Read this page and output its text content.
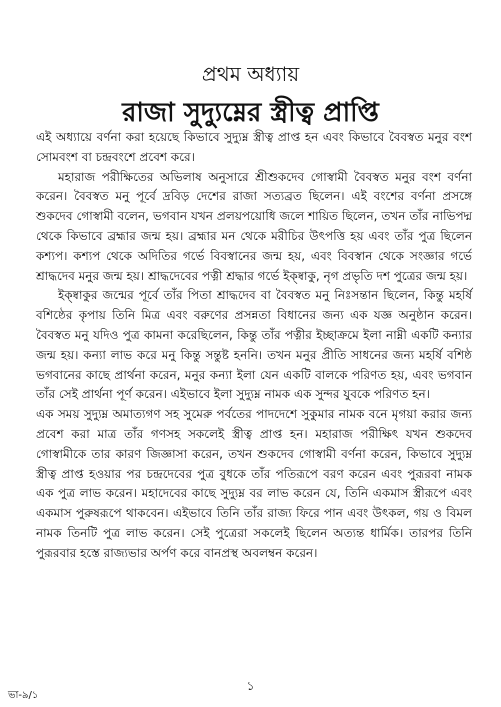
প্রথম অধ্যায়
রাজা সুদ্যুম্নের স্ত্রীত্ব প্রাপ্তি

এই অধ্যায়ে বর্ণনা করা হয়েছে কিভাবে সুদ্যুম্ন স্ত্রীত্ব প্রাপ্ত হন এবং কিভাবে বৈবস্বত মনুর বংশ সোমবংশ বা চন্দ্রবংশে প্রবেশ করে।

মহারাজ পরীক্ষিতের অভিলাষ অনুসারে শ্রীশুকদেব গোস্বামী বৈবস্বত মনুর বংশ বর্ণনা করেন। বৈবস্বত মনু পূর্বে দ্রবিড় দেশের রাজা সত্যব্রত ছিলেন। এই বংশের বর্ণনা প্রসঙ্গে শুকদেব গোস্বামী বলেন, ভগবান যখন প্রলয়পয়োধি জলে শায়িত ছিলেন, তখন তাঁর নাভিপদ্ম থেকে কিভাবে ব্রহ্মার জন্ম হয়। ব্রহ্মার মন থেকে মরীচির উৎপত্তি হয় এবং তাঁর পুত্র ছিলেন কশ্যপ। কশ্যপ থেকে অদিতির গর্ভে বিবস্বানের জন্ম হয়, এবং বিবস্বান থেকে সংজ্ঞার গর্ভে শ্রাদ্ধদেব মনুর জন্ম হয়। শ্রাদ্ধদেবের পত্নী শ্রদ্ধার গর্ভে ইক্ষ্বাকু, নৃগ প্রভৃতি দশ পুত্রের জন্ম হয়।

ইক্ষ্বাকুর জন্মের পূর্বে তাঁর পিতা শ্রাদ্ধদেব বা বৈবস্বত মনু নিঃসন্তান ছিলেন, কিন্তু মহর্ষি বশিষ্ঠের কৃপায় তিনি মিত্র এবং বরুণের প্রসন্নতা বিধানের জন্য এক যজ্ঞ অনুষ্ঠান করেন। বৈবস্বত মনু যদিও পুত্র কামনা করেছিলেন, কিন্তু তাঁর পত্নীর ইচ্ছাক্রমে ইলা নাম্নী একটি কন্যার জন্ম হয়। কন্যা লাভ করে মনু কিন্তু সন্তুষ্ট হননি। তখন মনুর প্রীতি সাধনের জন্য মহর্ষি বশিষ্ঠ ভগবানের কাছে প্রার্থনা করেন, মনুর কন্যা ইলা যেন একটি বালকে পরিণত হয়, এবং ভগবান তাঁর সেই প্রার্থনা পূর্ণ করেন। এইভাবে ইলা সুদ্যুম্ন নামক এক সুন্দর যুবকে পরিণত হন।

এক সময় সুদ্যুম্ন অমাত্যগণ সহ সুমেরু পর্বতের পাদদেশে সুকুমার নামক বনে মৃগয়া করার জন্য প্রবেশ করা মাত্র তাঁর গণসহ সকলেই স্ত্রীত্ব প্রাপ্ত হন। মহারাজ পরীক্ষিৎ যখন শুকদেব গোস্বামীকে তার কারণ জিজ্ঞাসা করেন, তখন শুকদেব গোস্বামী বর্ণনা করেন, কিভাবে সুদ্যুম্ন স্ত্রীত্ব প্রাপ্ত হওয়ার পর চন্দ্রদেবের পুত্র বুধকে তাঁর পতিরূপে বরণ করেন এবং পুরূরবা নামক এক পুত্র লাভ করেন। মহাদেবের কাছে সুদ্যুম্ন বর লাভ করেন যে, তিনি একমাস স্ত্রীরূপে এবং একমাস পুরুষরূপে থাকবেন। এইভাবে তিনি তাঁর রাজ্য ফিরে পান এবং উৎকল, গয় ও বিমল নামক তিনটি পুত্র লাভ করেন। সেই পুত্রেরা সকলেই ছিলেন অত্যন্ত ধার্মিক। তারপর তিনি পুরূরবার হস্তে রাজ্যভার অর্পণ করে বানপ্রস্থ অবলম্বন করেন।

১
ভা-৯/১
